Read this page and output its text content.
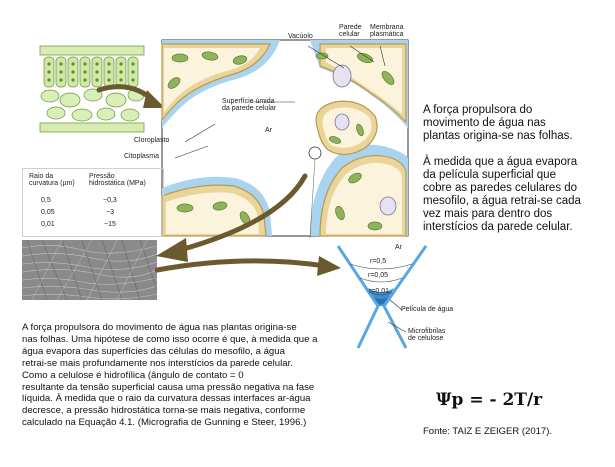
Vacúolo
Parede
celular
Membrana
plasmática
Superfície úmida
da parede celular
Ar
Cloroplasto
Citoplasma
Raio da
curvatura (µm)
Pressão
hidrostática (MPa)
0,5	−0,3
0,05	−3
0,01	−15
A força propulsora do
movimento de água nas
plantas origina-se nas folhas.
À medida que a água evapora
da película superficial que
cobre as paredes celulares do
mesofilo, a água retrai-se cada
vez mais para dentro dos
interstícios da parede celular.
Ar
r=0,5
r=0,05
r=0,01
Película de água
Microfibrilas
de celulose
A força propulsora do movimento de água nas plantas origina-se
nas folhas. Uma hipótese de como isso ocorre é que, à medida que a
água evapora das superfícies das células do mesofilo, a água
retrai-se mais profundamente nos interstícios da parede celular.
Como a celulose é hidrofílica (ângulo de contato = 0
resultante da tensão superficial causa uma pressão negativa na fase
líquida. À medida que o raio da curvatura dessas interfaces ar-água
decresce, a pressão hidrostática torna-se mais negativa, conforme
calculado na Equação 4.1. (Micrografia de Gunning e Steer, 1996.)
Ψp = - 2T/r
Fonte: TAIZ E ZEIGER (2017).
